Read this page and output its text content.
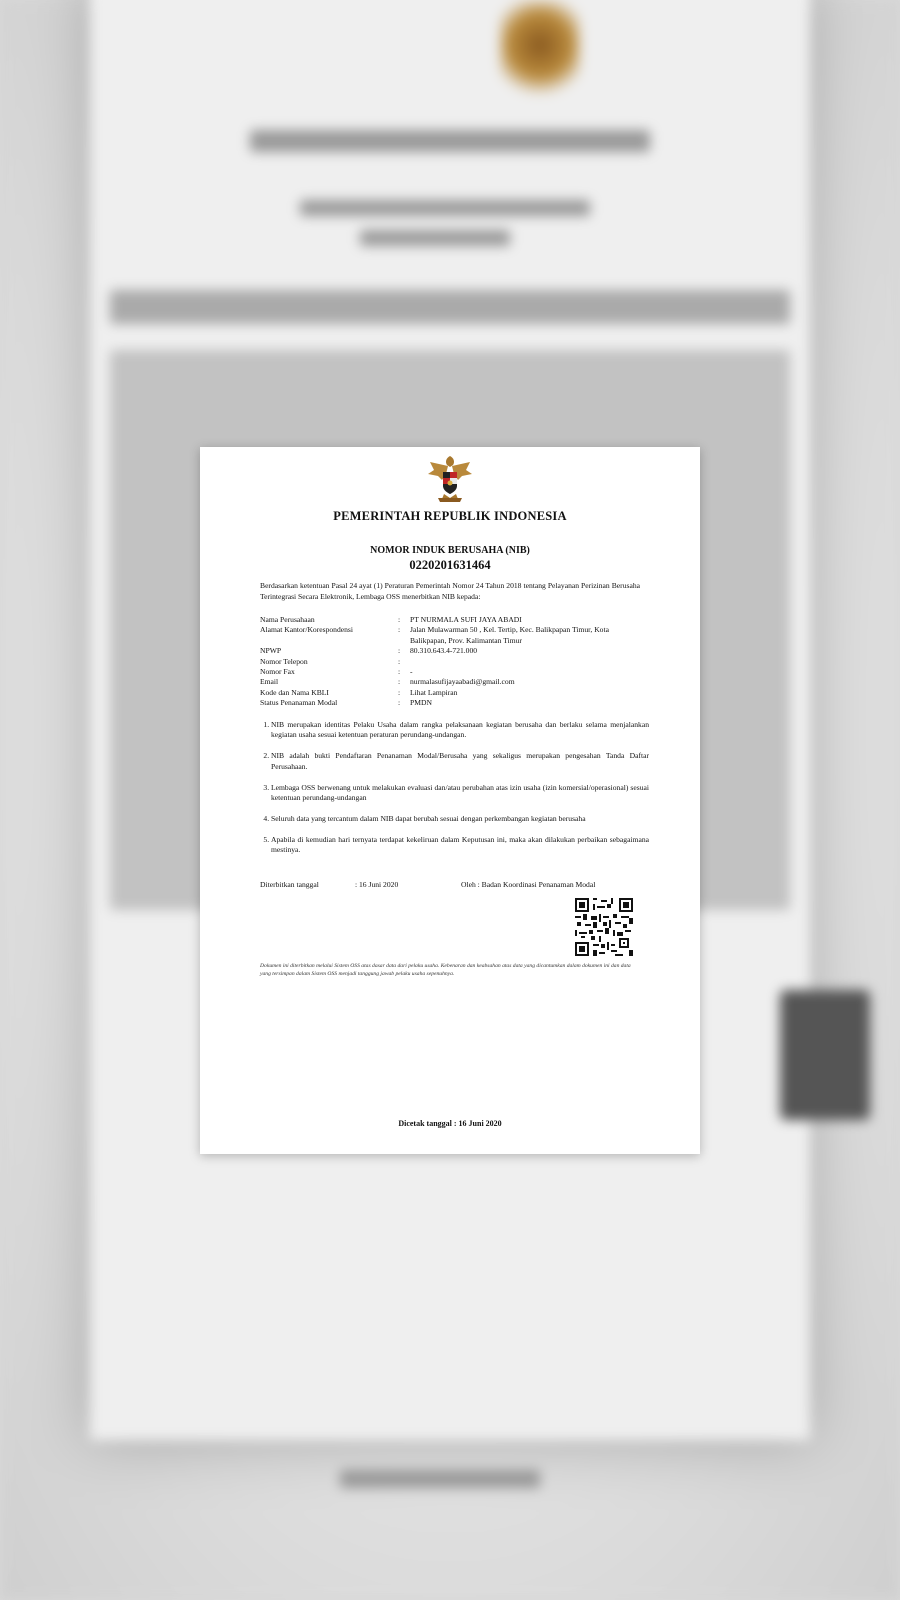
PEMERINTAH REPUBLIK INDONESIA
NOMOR INDUK BERUSAHA (NIB)
0220201631464
Berdasarkan ketentuan Pasal 24 ayat (1) Peraturan Pemerintah Nomor 24 Tahun 2018 tentang Pelayanan Perizinan Berusaha Terintegrasi Secara Elektronik, Lembaga OSS menerbitkan NIB kepada:
Nama Perusahaan	:	PT NURMALA SUFI JAYA ABADI
Alamat Kantor/Korespondensi	:	Jalan Mulawarman 50 , Kel. Tertip, Kec. Balikpapan Timur, Kota Balikpapan, Prov. Kalimantan Timur
NPWP	:	80.310.643.4-721.000
Nomor Telepon	:
Nomor Fax	:	-
Email	:	nurmalasufijayaabadi@gmail.com
Kode dan Nama KBLI	:	Lihat Lampiran
Status Penanaman Modal	:	PMDN
1. NIB merupakan identitas Pelaku Usaha dalam rangka pelaksanaan kegiatan berusaha dan berlaku selama menjalankan kegiatan usaha sesuai ketentuan peraturan perundang-undangan.
2. NIB adalah bukti Pendaftaran Penanaman Modal/Berusaha yang sekaligus merupakan pengesahan Tanda Daftar Perusahaan.
3. Lembaga OSS berwenang untuk melakukan evaluasi dan/atau perubahan atas izin usaha (izin komersial/operasional) sesuai ketentuan perundang-undangan
4. Seluruh data yang tercantum dalam NIB dapat berubah sesuai dengan perkembangan kegiatan berusaha
5. Apabila di kemudian hari ternyata terdapat kekeliruan dalam Keputusan ini, maka akan dilakukan perbaikan sebagaimana mestinya.
Diterbitkan tanggal	: 16 Juni 2020	Oleh : Badan Koordinasi Penanaman Modal
Dokumen ini diterbitkan melalui Sistem OSS atas dasar data dari pelaku usaha. Kebenaran dan keabsahan atas data yang dicantumkan dalam dokumen ini dan data yang tersimpan dalam Sistem OSS menjadi tanggung jawab pelaku usaha sepenuhnya.
Dicetak tanggal : 16 Juni 2020
